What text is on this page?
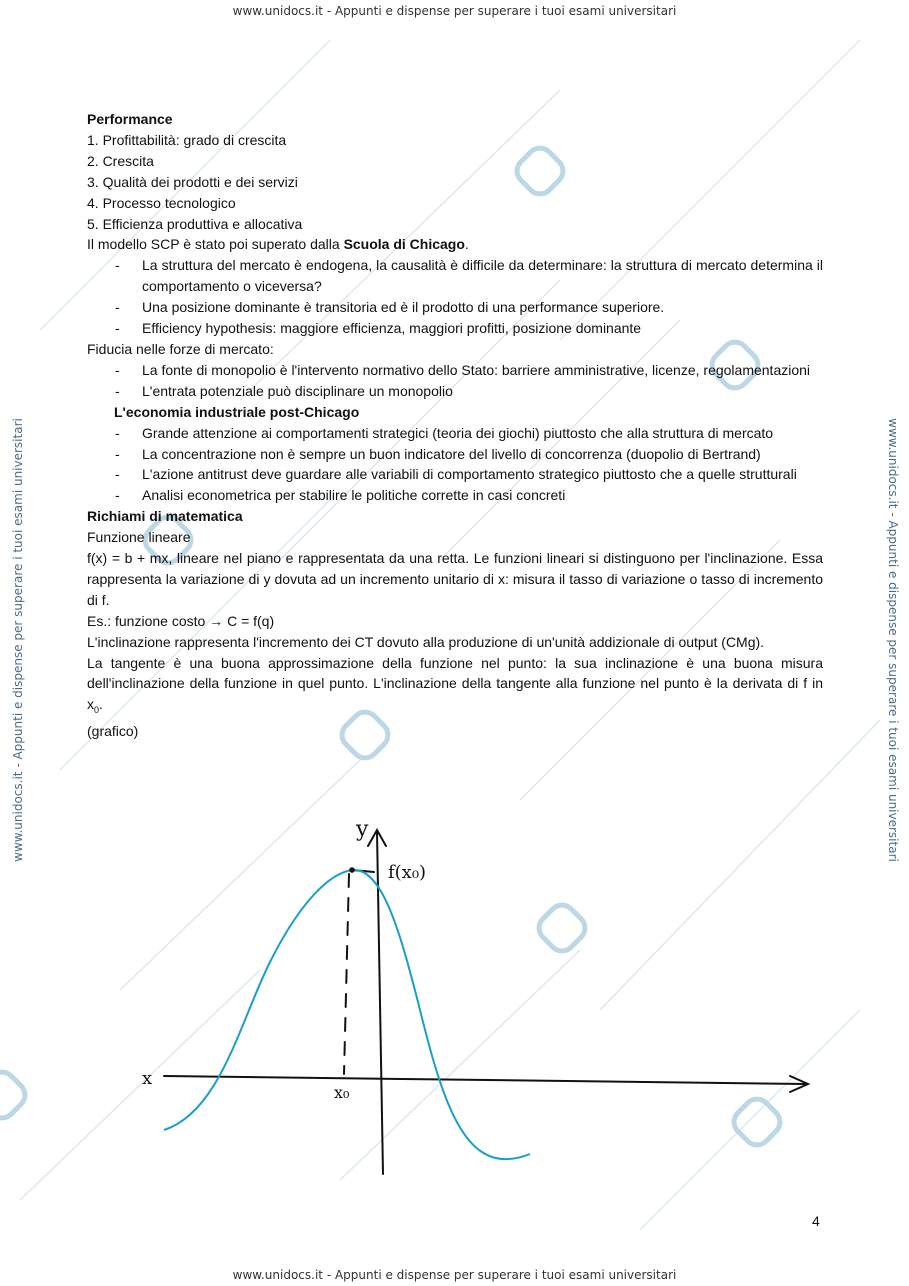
www.unidocs.it - Appunti e dispense per superare i tuoi esami universitari
www.unidocs.it - Appunti e dispense per superare i tuoi esami universitari
www.unidocs.it - Appunti e dispense per superare i tuoi esami universitari	www.unidocs.it - Appunti e dispense per superare i tuoi esami universitari

Performance

1. Profittabilità: grado di crescita

2. Crescita

3. Qualità dei prodotti e dei servizi

4. Processo tecnologico

5. Efficienza produttiva e allocativa

Il modello SCP è stato poi superato dalla Scuola di Chicago.

- La struttura del mercato è endogena, la causalità è difficile da determinare: la struttura di mercato determina il comportamento o viceversa?

- Una posizione dominante è transitoria ed è il prodotto di una performance superiore.

- Efficiency hypothesis: maggiore efficienza, maggiori profitti, posizione dominante

Fiducia nelle forze di mercato:

- La fonte di monopolio è l'intervento normativo dello Stato: barriere amministrative, licenze, regolamentazioni

- L'entrata potenziale può disciplinare un monopolio

L'economia industriale post-Chicago

- Grande attenzione ai comportamenti strategici (teoria dei giochi) piuttosto che alla struttura di mercato

- La concentrazione non è sempre un buon indicatore del livello di concorrenza (duopolio di Bertrand)

- L'azione antitrust deve guardare alle variabili di comportamento strategico piuttosto che a quelle strutturali

- Analisi econometrica per stabilire le politiche corrette in casi concreti

Richiami di matematica

Funzione lineare

f(x) = b + mx, lineare nel piano e rappresentata da una retta. Le funzioni lineari si distinguono per l'inclinazione. Essa rappresenta la variazione di y dovuta ad un incremento unitario di x: misura il tasso di variazione o tasso di incremento di f.

Es.: funzione costo → C = f(q)

L'inclinazione rappresenta l'incremento dei CT dovuto alla produzione di un'unità addizionale di output (CMg).

La tangente è una buona approssimazione della funzione nel punto: la sua inclinazione è una buona misura dell'inclinazione della funzione in quel punto. L'inclinazione della tangente alla funzione nel punto è la derivata di f in $x_0$.

(grafico)

y
x
x₀
f(x₀)
4
